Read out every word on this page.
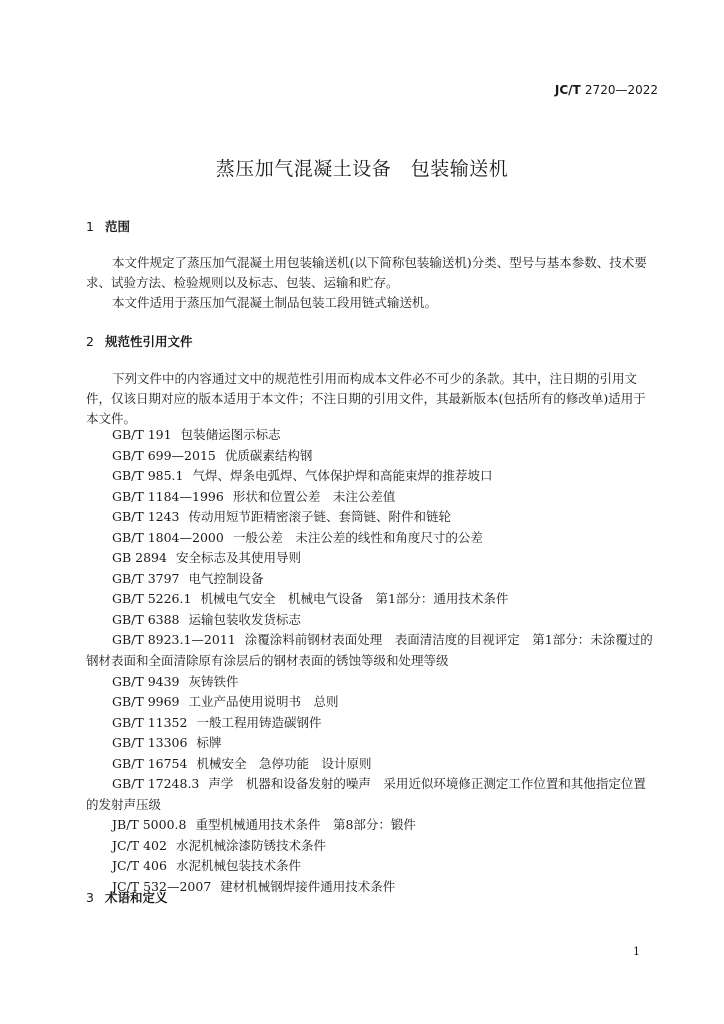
JC/T 2720—2022
蒸压加气混凝土设备　包装输送机
1 范围

本文件规定了蒸压加气混凝土用包装输送机(以下简称包装输送机)分类、型号与基本参数、技术要求、试验方法、检验规则以及标志、包装、运输和贮存。

本文件适用于蒸压加气混凝土制品包装工段用链式输送机。

2 规范性引用文件

下列文件中的内容通过文中的规范性引用而构成本文件必不可少的条款。其中，注日期的引用文件，仅该日期对应的版本适用于本文件；不注日期的引用文件，其最新版本(包括所有的修改单)适用于本文件。

GB/T 191 包装储运图示标志

GB/T 699—2015 优质碳素结构钢

GB/T 985.1 气焊、焊条电弧焊、气体保护焊和高能束焊的推荐坡口

GB/T 1184—1996 形状和位置公差　未注公差值

GB/T 1243 传动用短节距精密滚子链、套筒链、附件和链轮

GB/T 1804—2000 一般公差　未注公差的线性和角度尺寸的公差

GB 2894 安全标志及其使用导则

GB/T 3797 电气控制设备

GB/T 5226.1 机械电气安全　机械电气设备　第1部分：通用技术条件

GB/T 6388 运输包装收发货标志

GB/T 8923.1—2011 涂覆涂料前钢材表面处理　表面清洁度的目视评定　第1部分：未涂覆过的钢材表面和全面清除原有涂层后的钢材表面的锈蚀等级和处理等级

GB/T 9439 灰铸铁件

GB/T 9969 工业产品使用说明书　总则

GB/T 11352 一般工程用铸造碳钢件

GB/T 13306 标牌

GB/T 16754 机械安全　急停功能　设计原则

GB/T 17248.3 声学　机器和设备发射的噪声　采用近似环境修正测定工作位置和其他指定位置的发射声压级

JB/T 5000.8 重型机械通用技术条件　第8部分：锻件

JC/T 402 水泥机械涂漆防锈技术条件

JC/T 406 水泥机械包装技术条件

JC/T 532—2007 建材机械钢焊接件通用技术条件

3 术语和定义
1
